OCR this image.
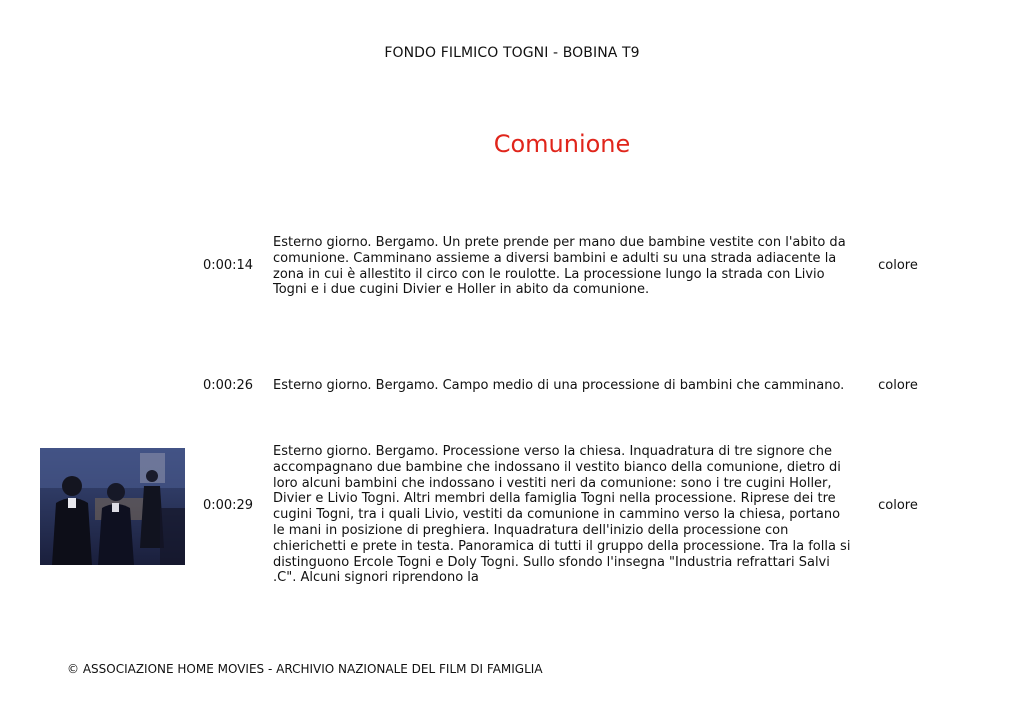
FONDO FILMICO TOGNI - BOBINA T9
Comunione
0:00:14
Esterno giorno. Bergamo. Un prete prende per mano due bambine vestite con l'abito da comunione. Camminano assieme a diversi bambini e adulti su una strada adiacente la zona in cui è allestito il circo con le roulotte. La processione lungo la strada con Livio Togni e i due cugini Divier e Holler in abito da comunione.
colore
0:00:26	Esterno giorno. Bergamo. Campo medio di una processione di bambini che camminano.	colore
0:00:29
Esterno giorno. Bergamo. Processione verso la chiesa. Inquadratura di tre signore che accompagnano due bambine che indossano il vestito bianco della comunione, dietro di loro alcuni bambini che indossano i vestiti neri da comunione: sono i tre cugini Holler, Divier e Livio Togni. Altri membri della famiglia Togni nella processione. Riprese dei tre cugini Togni, tra i quali Livio, vestiti da comunione in cammino verso la chiesa, portano le mani in posizione di preghiera. Inquadratura dell'inizio della processione con chierichetti e prete in testa. Panoramica di tutti il gruppo della processione. Tra la folla si distinguono Ercole Togni e Doly Togni. Sullo sfondo l'insegna "Industria refrattari Salvi .C". Alcuni signori riprendono la
colore
© ASSOCIAZIONE HOME MOVIES - ARCHIVIO NAZIONALE DEL FILM DI FAMIGLIA
